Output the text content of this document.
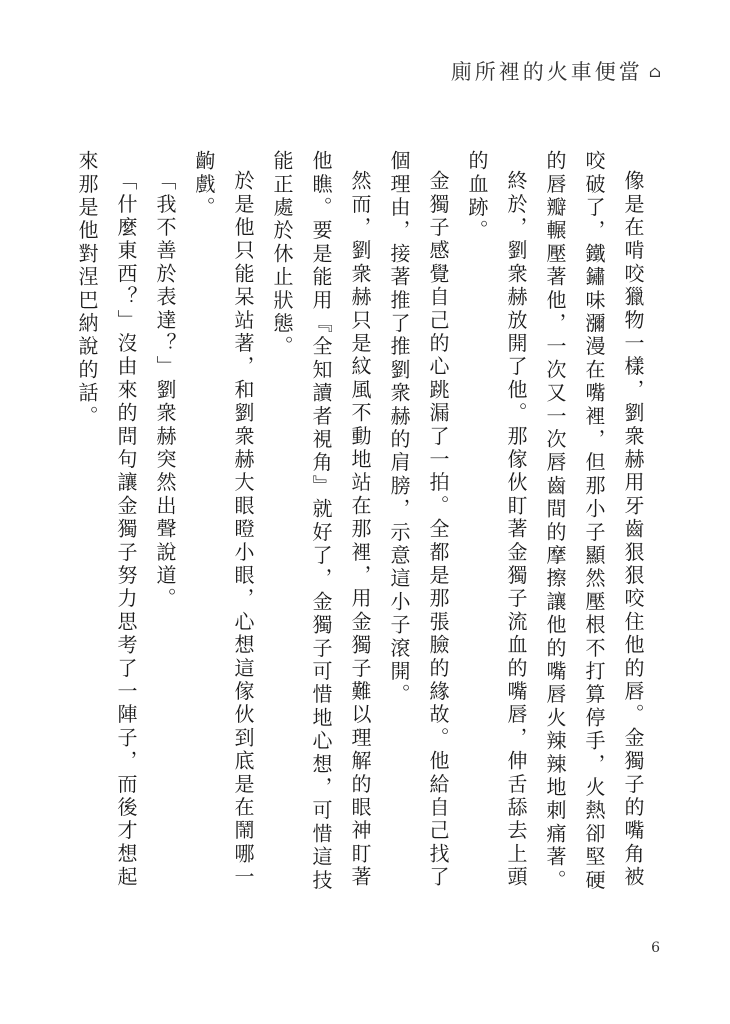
廁所裡的火車便當 ⌂

像是在啃咬獵物一樣，劉衆赫用牙齒狠狠咬住他的唇。金獨子的嘴角被咬破了，鐵鏽味瀰漫在嘴裡，但那小子顯然壓根不打算停手，火熱卻堅硬的唇瓣輾壓著他，一次又一次唇齒間的摩擦讓他的嘴唇火辣辣地刺痛著。

終於，劉衆赫放開了他。那傢伙盯著金獨子流血的嘴唇，伸舌舔去上頭的血跡。

金獨子感覺自己的心跳漏了一拍。全都是那張臉的緣故。他給自己找了個理由，接著推了推劉衆赫的肩膀，示意這小子滾開。

然而，劉衆赫只是紋風不動地站在那裡，用金獨子難以理解的眼神盯著他瞧。要是能用『全知讀者視角』就好了，金獨子可惜地心想，可惜這技能正處於休止狀態。

於是他只能呆站著，和劉衆赫大眼瞪小眼，心想這傢伙到底是在鬧哪一齣戲。

「我不善於表達？」劉衆赫突然出聲說道。

「什麼東西？」沒由來的問句讓金獨子努力思考了一陣子，而後才想起來那是他對涅巴納說的話。

6
